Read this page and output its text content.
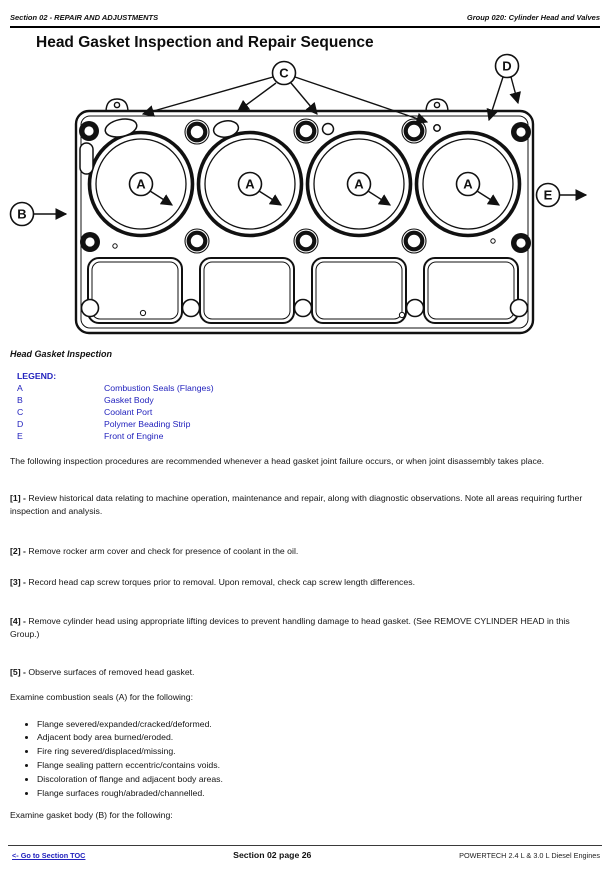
Section 02 - REPAIR AND ADJUSTMENTS	Group 020: Cylinder Head and Valves
Head Gasket Inspection and Repair Sequence
A	A	A	A
B
C	D
E
Head Gasket Inspection
LEGEND:
A	Combustion Seals (Flanges)
B	Gasket Body
C	Coolant Port
D	Polymer Beading Strip
E	Front of Engine

The following inspection procedures are recommended whenever a head gasket joint failure occurs, or when joint disassembly takes place.

[1] - Review historical data relating to machine operation, maintenance and repair, along with diagnostic observations. Note all areas requiring further inspection and analysis.

[2] - Remove rocker arm cover and check for presence of coolant in the oil.

[3] - Record head cap screw torques prior to removal. Upon removal, check cap screw length differences.

[4] - Remove cylinder head using appropriate lifting devices to prevent handling damage to head gasket. (See REMOVE CYLINDER HEAD in this Group.)

[5] - Observe surfaces of removed head gasket.

Examine combustion seals (A) for the following:

• Flange severed/expanded/cracked/deformed.
• Adjacent body area burned/eroded.
• Fire ring severed/displaced/missing.
• Flange sealing pattern eccentric/contains voids.
• Discoloration of flange and adjacent body areas.
• Flange surfaces rough/abraded/channelled.

Examine gasket body (B) for the following:

<- Go to Section TOC	Section 02 page 26	POWERTECH 2.4 L & 3.0 L Diesel Engines
